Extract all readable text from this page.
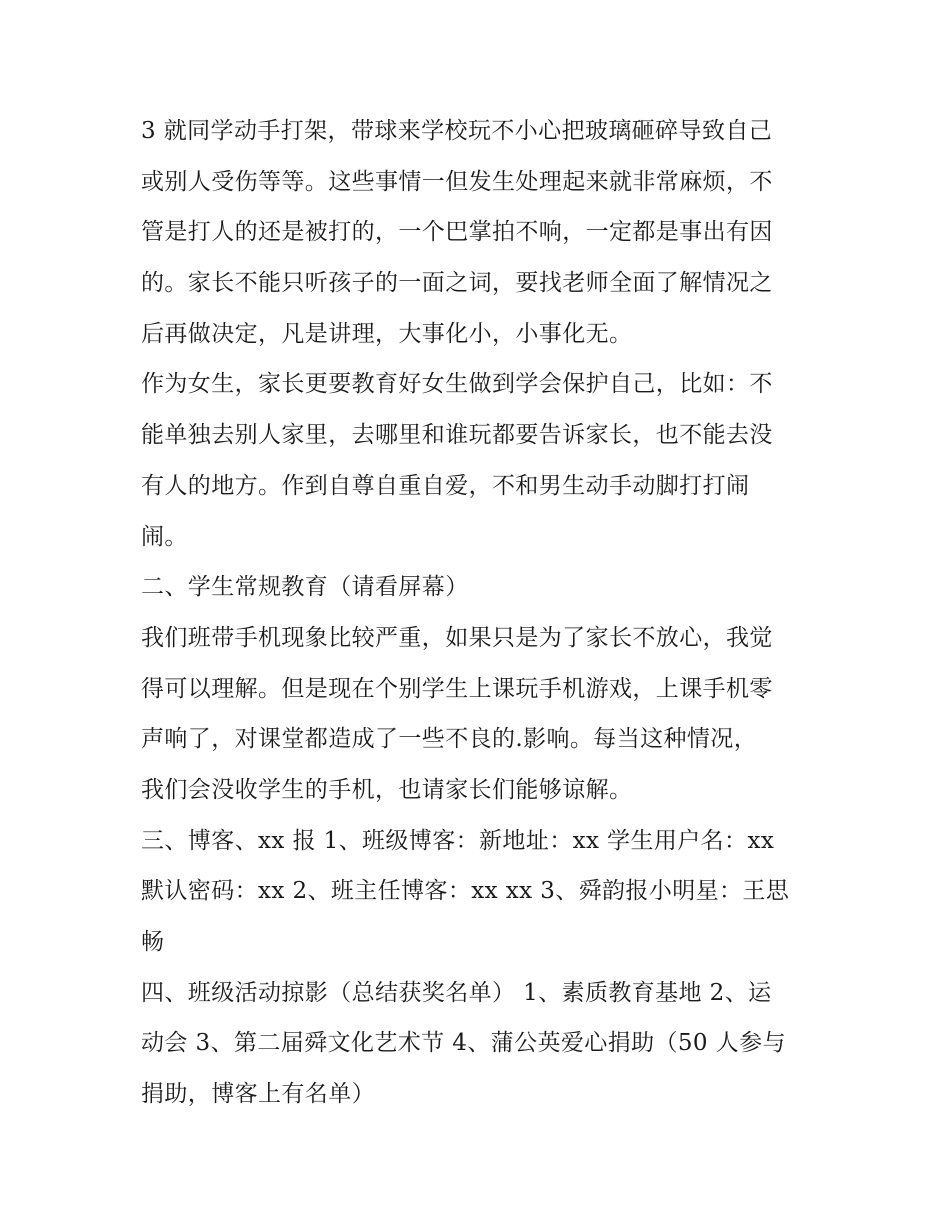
3 就同学动手打架，带球来学校玩不小心把玻璃砸碎导致自己
或别人受伤等等。这些事情一但发生处理起来就非常麻烦，不
管是打人的还是被打的，一个巴掌拍不响，一定都是事出有因
的。家长不能只听孩子的一面之词，要找老师全面了解情况之
后再做决定，凡是讲理，大事化小，小事化无。
作为女生，家长更要教育好女生做到学会保护自己，比如：不
能单独去别人家里，去哪里和谁玩都要告诉家长，也不能去没
有人的地方。作到自尊自重自爱，不和男生动手动脚打打闹
闹。
二、学生常规教育（请看屏幕）
我们班带手机现象比较严重，如果只是为了家长不放心，我觉
得可以理解。但是现在个别学生上课玩手机游戏，上课手机零
声响了，对课堂都造成了一些不良的.影响。每当这种情况，
我们会没收学生的手机，也请家长们能够谅解。
三、博客、xx 报 1、班级博客：新地址：xx 学生用户名：xx
默认密码：xx 2、班主任博客：xx xx 3、舜韵报小明星：王思
畅
四、班级活动掠影（总结获奖名单） 1、素质教育基地 2、运
动会 3、第二届舜文化艺术节 4、蒲公英爱心捐助（50 人参与
捐助，博客上有名单）
